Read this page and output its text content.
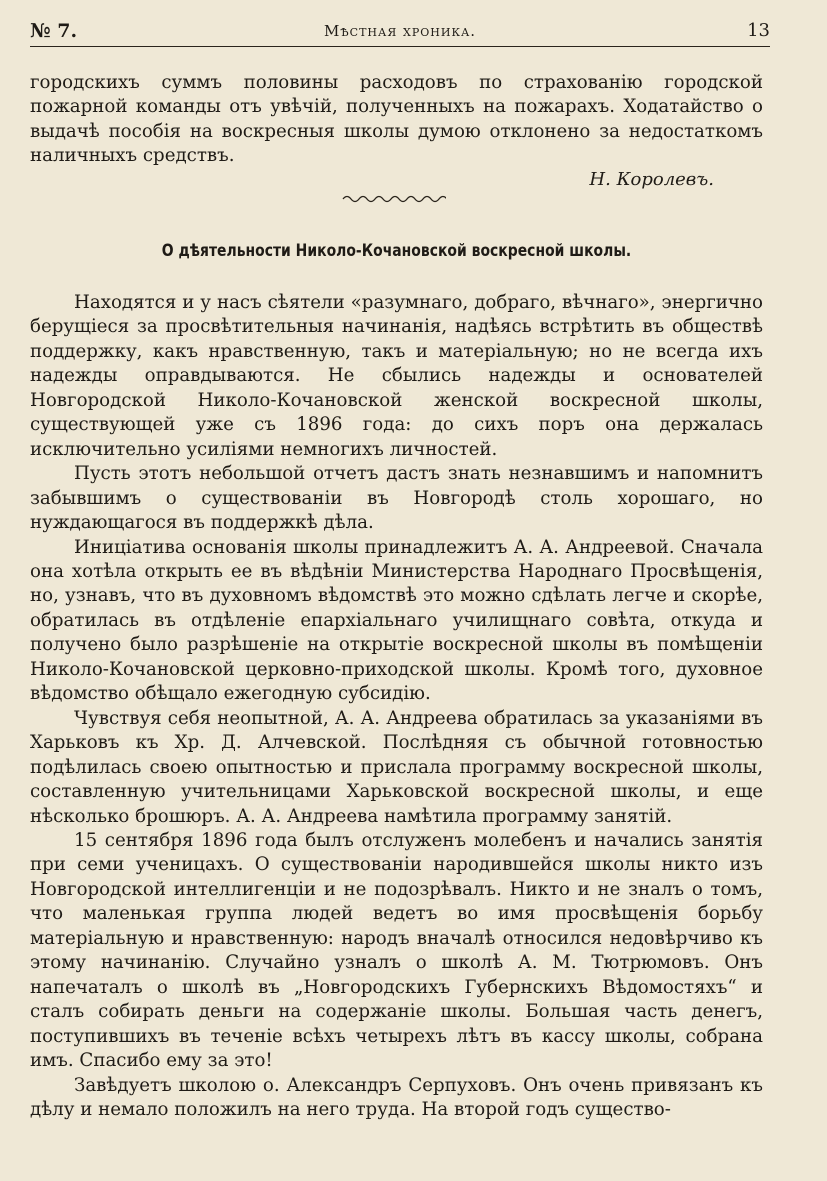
№ 7.	Мѣстная хроника.	13

городскихъ суммъ половины расходовъ по страхованію городской пожарной команды отъ увѣчій, полученныхъ на пожарахъ. Ходатайство о выдачѣ пособія на воскресныя школы думою отклонено за недостаткомъ наличныхъ средствъ.

Н. Королевъ.
О дѣятельности Николо-Кочановской воскресной школы.

Находятся и у насъ сѣятели «разумнаго, добраго, вѣчнаго», энергично берущіеся за просвѣтительныя начинанія, надѣясь встрѣтить въ обществѣ поддержку, какъ нравственную, такъ и матеріальную; но не всегда ихъ надежды оправдываются. Не сбылись надежды и основателей Новгородской Николо-Кочановской женской воскресной школы, существующей уже съ 1896 года: до сихъ поръ она держалась исключительно усиліями немногихъ личностей.

Пусть этотъ небольшой отчетъ дастъ знать незнавшимъ и напомнитъ забывшимъ о существованіи въ Новгородѣ столь хорошаго, но нуждающагося въ поддержкѣ дѣла.

Иниціатива основанія школы принадлежитъ А. А. Андреевой. Сначала она хотѣла открыть ее въ вѣдѣніи Министерства Народнаго Просвѣщенія, но, узнавъ, что въ духовномъ вѣдомствѣ это можно сдѣлать легче и скорѣе, обратилась въ отдѣленіе епархіальнаго училищнаго совѣта, откуда и получено было разрѣшеніе на открытіе воскресной школы въ помѣщеніи Николо-Кочановской церковно-приходской школы. Кромѣ того, духовное вѣдомство обѣщало ежегодную субсидію.

Чувствуя себя неопытной, А. А. Андреева обратилась за указаніями въ Харьковъ къ Хр. Д. Алчевской. Послѣдняя съ обычной готовностью подѣлилась своею опытностью и прислала программу воскресной школы, составленную учительницами Харьковской воскресной школы, и еще нѣсколько брошюръ. А. А. Андреева намѣтила программу занятій.

15 сентября 1896 года былъ отслуженъ молебенъ и начались занятія при семи ученицахъ. О существованіи народившейся школы никто изъ Новгородской интеллигенціи и не подозрѣвалъ. Никто и не зналъ о томъ, что маленькая группа людей ведетъ во имя просвѣщенія борьбу матеріальную и нравственную: народъ вначалѣ относился недовѣрчиво къ этому начинанію. Случайно узналъ о школѣ А. М. Тютрюмовъ. Онъ напечаталъ о школѣ въ „Новгородскихъ Губернскихъ Вѣдомостяхъ“ и сталъ собирать деньги на содержаніе школы. Большая часть денегъ, поступившихъ въ теченіе всѣхъ четырехъ лѣтъ въ кассу школы, собрана имъ. Спасибо ему за это!

Завѣдуетъ школою о. Александръ Серпуховъ. Онъ очень привязанъ къ дѣлу и немало положилъ на него труда. На второй годъ существо-
